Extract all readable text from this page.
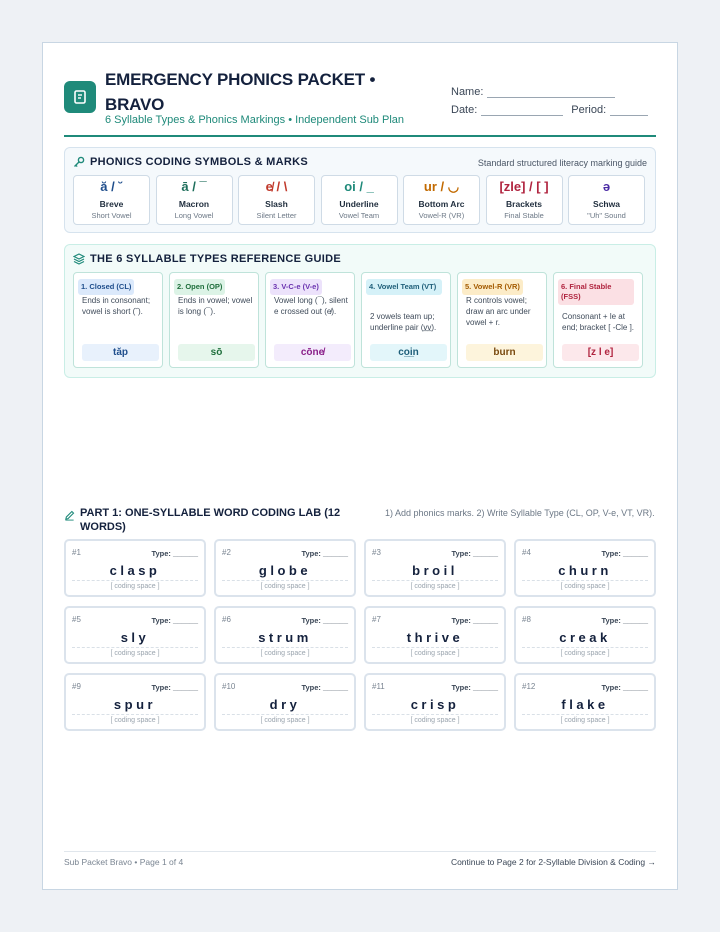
EMERGENCY PHONICS PACKET • BRAVO
6 Syllable Types & Phonics Markings • Independent Sub Plan
Name:
Date:	Period:
PHONICS CODING SYMBOLS & MARKS	Standard structured literacy marking guide
ă / ˘
Breve
Short Vowel
ā / ¯
Macron
Long Vowel
e̸ / \
Slash
Silent Letter
oi / _
Underline
Vowel Team
ur / ◡
Bottom Arc
Vowel-R (VR)
[zle] / [ ]
Brackets
Final Stable
ə
Schwa
"Uh" Sound
THE 6 SYLLABLE TYPES REFERENCE GUIDE
1. Closed (CL)
Ends in consonant; vowel is short (˘).
tăp
2. Open (OP)
Ends in vowel; vowel is long (¯).
sō
3. V-C-e (V-e)
Vowel long (¯), silent e crossed out (e̸).
cōne̸
4. Vowel Team (VT)
2 vowels team up; underline pair (v̲v̲).
co̲i̲n
5. Vowel-R (VR)
R controls vowel; draw an arc under vowel + r.
burn
6. Final Stable (FSS)
Consonant + le at end; bracket [ -Cle ].
[z l e]
PART 1: ONE-SYLLABLE WORD CODING LAB (12 WORDS)
1) Add phonics marks. 2) Write Syllable Type (CL, OP, V-e, VT, VR).
#1	Type: ______
clasp
[ coding space ]
#2	Type: ______
globe
[ coding space ]
#3	Type: ______
broil
[ coding space ]
#4	Type: ______
churn
[ coding space ]
#5	Type: ______
sly
[ coding space ]
#6	Type: ______
strum
[ coding space ]
#7	Type: ______
thrive
[ coding space ]
#8	Type: ______
creak
[ coding space ]
#9	Type: ______
spur
[ coding space ]
#10	Type: ______
dry
[ coding space ]
#11	Type: ______
crisp
[ coding space ]
#12	Type: ______
flake
[ coding space ]
Sub Packet Bravo • Page 1 of 4	Continue to Page 2 for 2-Syllable Division & Coding →
